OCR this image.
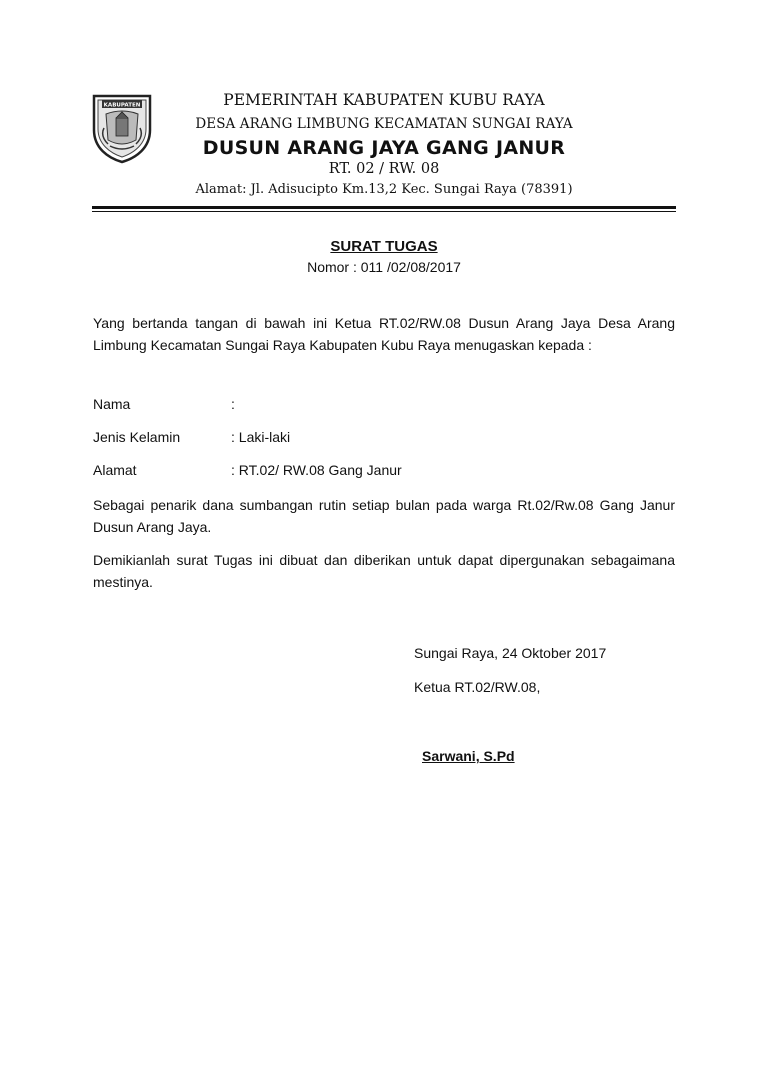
KABUPATEN	PEMERINTAH KABUPATEN KUBU RAYA
DESA ARANG LIMBUNG KECAMATAN SUNGAI RAYA
DUSUN ARANG JAYA GANG JANUR
RT. 02 / RW. 08
Alamat: Jl. Adisucipto Km.13,2 Kec. Sungai Raya (78391)
SURAT TUGAS
Nomor : 011 /02/08/2017
Yang bertanda tangan di bawah ini Ketua RT.02/RW.08 Dusun Arang Jaya Desa Arang Limbung Kecamatan Sungai Raya Kabupaten Kubu Raya menugaskan kepada :
Nama	:
Jenis Kelamin	: Laki-laki
Alamat	: RT.02/ RW.08 Gang Janur
Sebagai penarik dana sumbangan rutin setiap bulan pada warga Rt.02/Rw.08 Gang Janur Dusun Arang Jaya.
Demikianlah surat Tugas ini dibuat dan diberikan untuk dapat dipergunakan sebagaimana mestinya.
Sungai Raya, 24 Oktober 2017
Ketua RT.02/RW.08,
Sarwani, S.Pd
